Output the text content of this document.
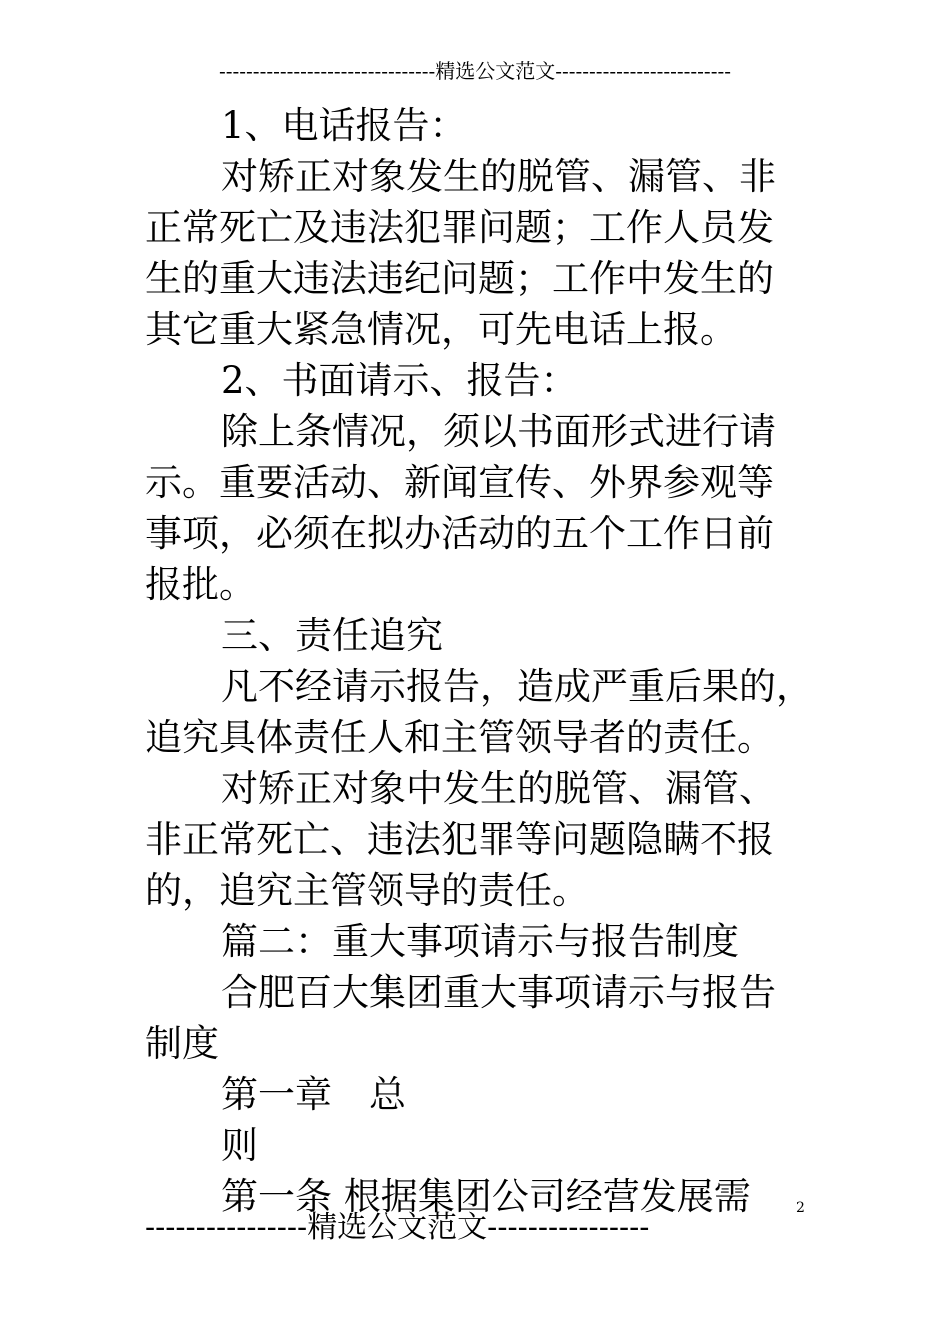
--------------------------------精选公文范文--------------------------
1、电话报告：
对矫正对象发生的脱管、漏管、非
正常死亡及违法犯罪问题；工作人员发
生的重大违法违纪问题；工作中发生的
其它重大紧急情况，可先电话上报。
2、书面请示、报告：
除上条情况，须以书面形式进行请
示。重要活动、新闻宣传、外界参观等
事项，必须在拟办活动的五个工作日前
报批。
三、责任追究
凡不经请示报告，造成严重后果的，
追究具体责任人和主管领导者的责任。
对矫正对象中发生的脱管、漏管、
非正常死亡、违法犯罪等问题隐瞒不报
的，追究主管领导的责任。
篇二：重大事项请示与报告制度
合肥百大集团重大事项请示与报告
制度
第一章　总
则
第一条 根据集团公司经营发展需	2
----------------精选公文范文----------------
